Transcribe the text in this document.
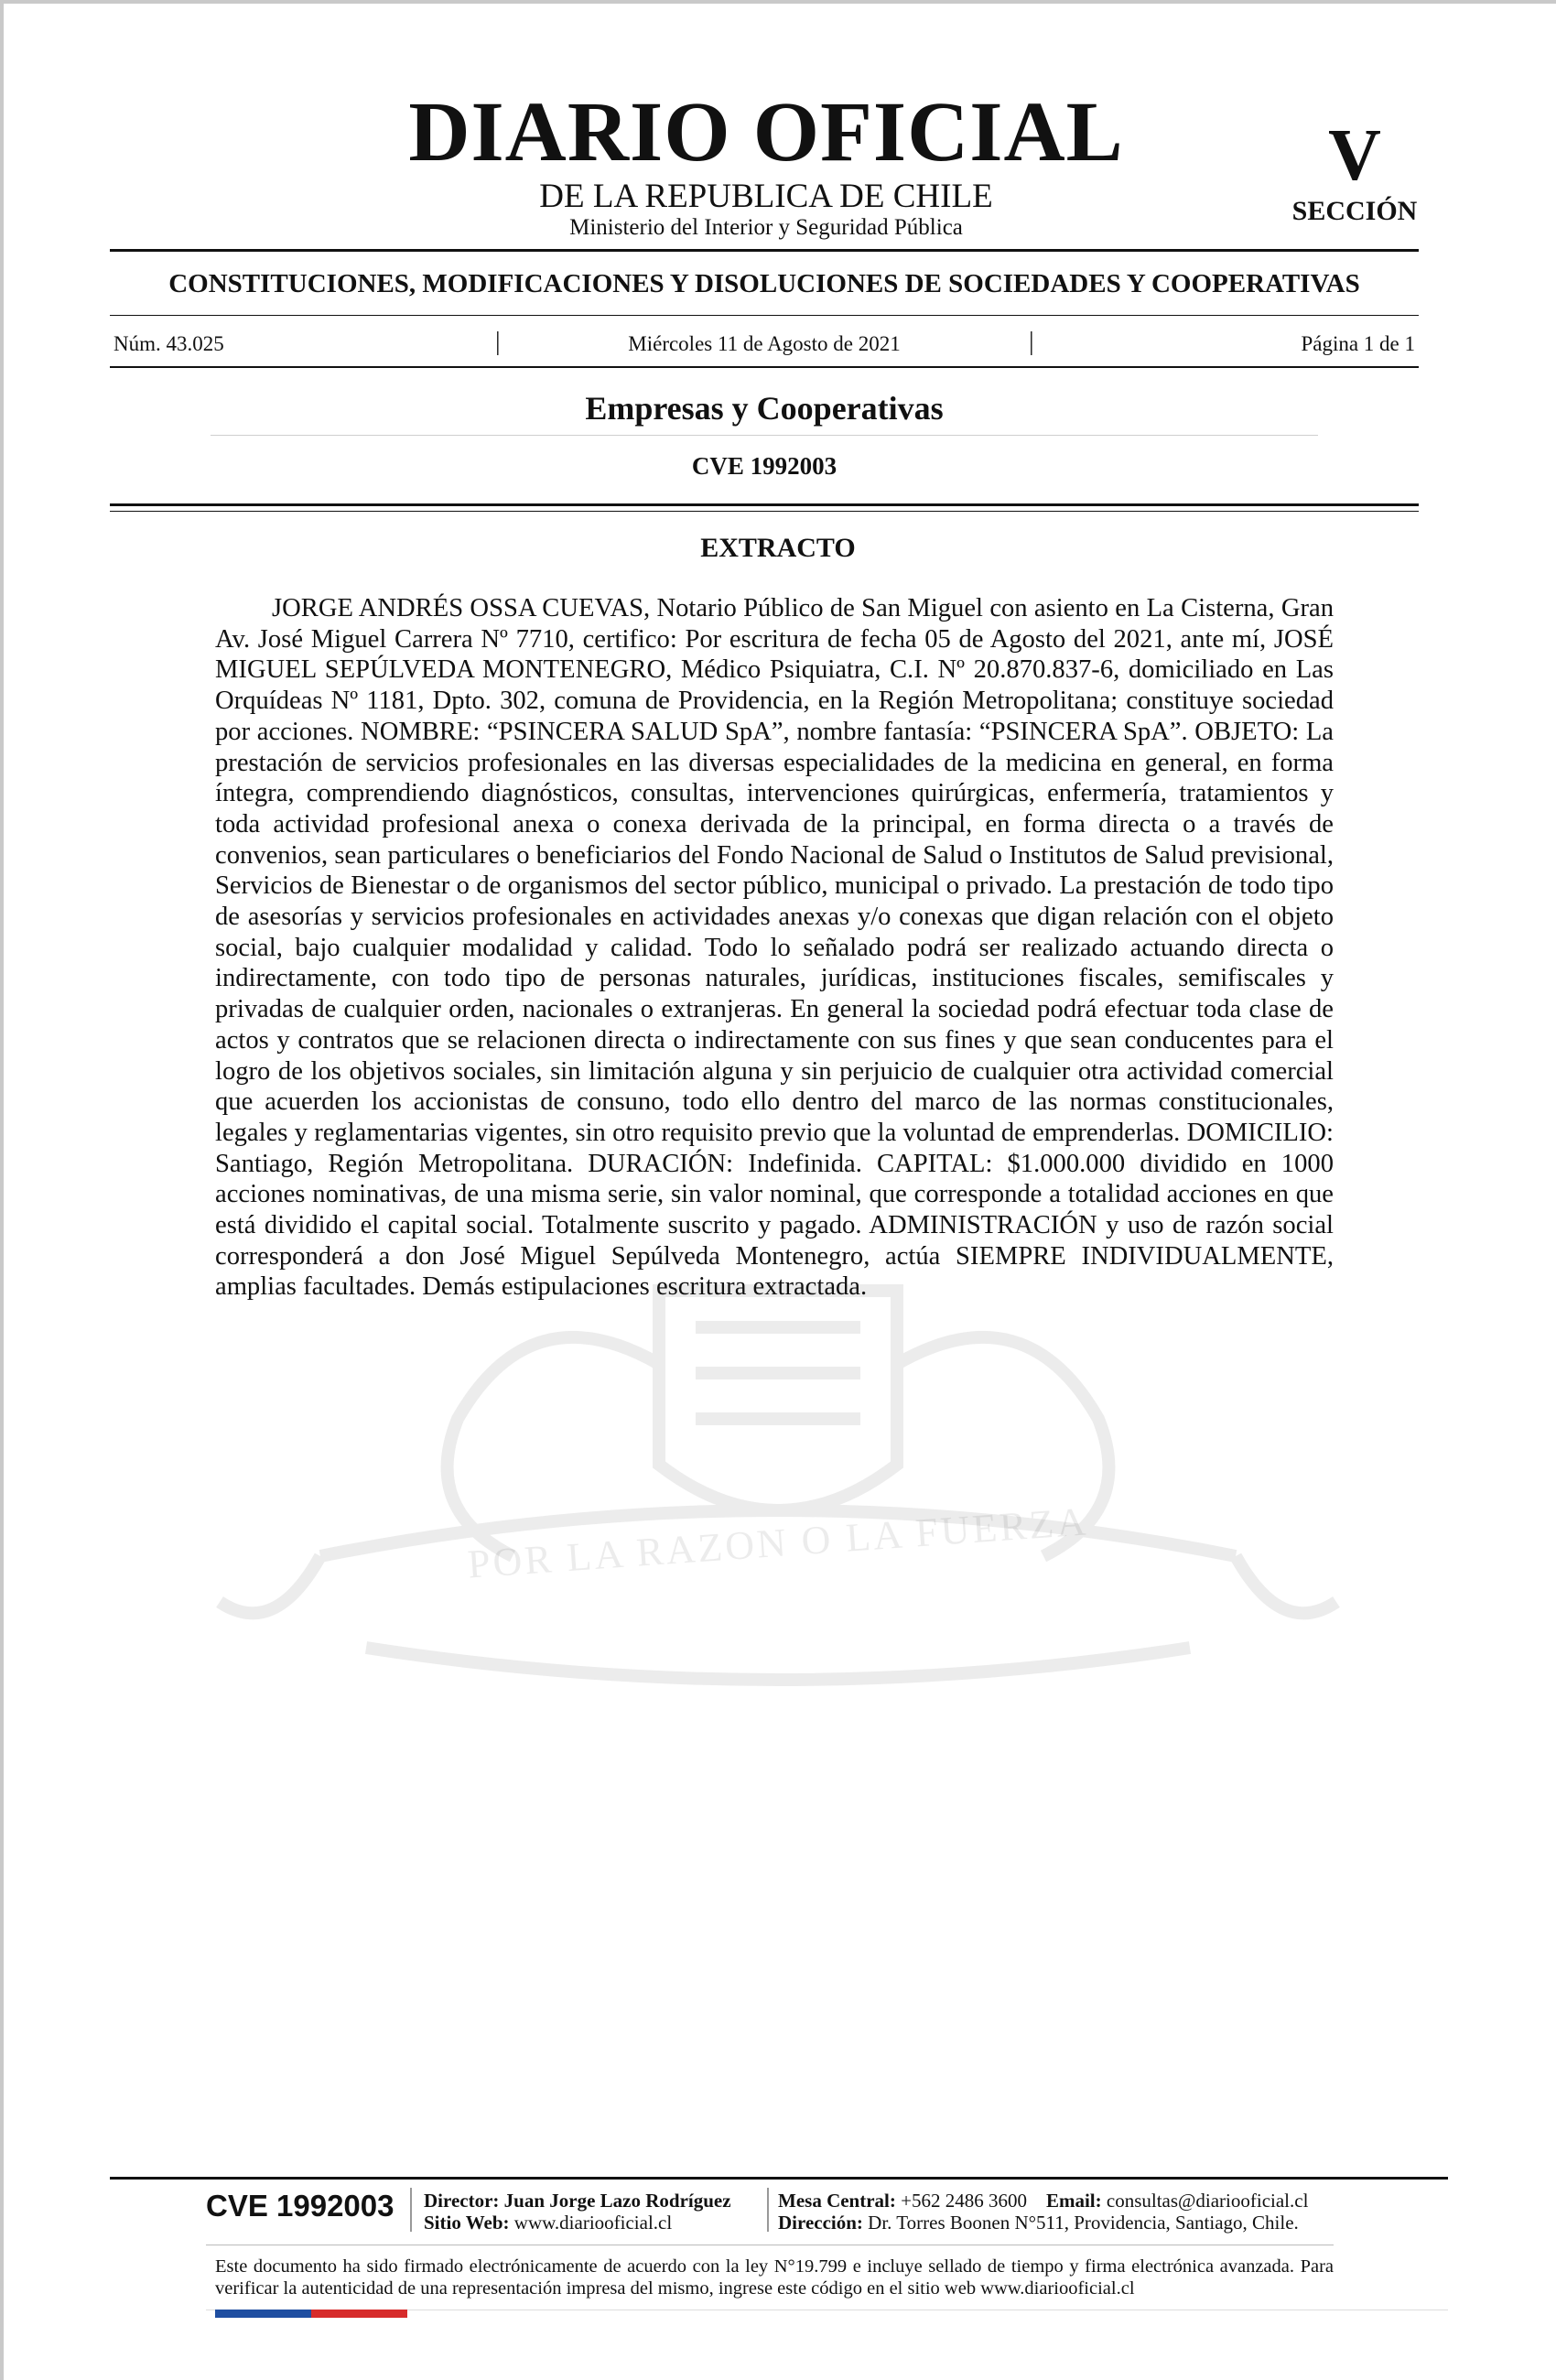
DIARIO OFICIAL
DE LA REPUBLICA DE CHILE
Ministerio del Interior y Seguridad Pública
V
SECCIÓN
CONSTITUCIONES, MODIFICACIONES Y DISOLUCIONES DE SOCIEDADES Y COOPERATIVAS
Núm. 43.025	|	Miércoles 11 de Agosto de 2021	|	Página 1 de 1
Empresas y Cooperativas
CVE 1992003
POR LA RAZON O LA FUERZA
EXTRACTO

JORGE ANDRÉS OSSA CUEVAS, Notario Público de San Miguel con asiento en La Cisterna, Gran Av. José Miguel Carrera Nº 7710, certifico: Por escritura de fecha 05 de Agosto del 2021, ante mí, JOSÉ MIGUEL SEPÚLVEDA MONTENEGRO, Médico Psiquiatra, C.I. Nº 20.870.837-6, domiciliado en Las Orquídeas Nº 1181, Dpto. 302, comuna de Providencia, en la Región Metropolitana; constituye sociedad por acciones. NOMBRE: “PSINCERA SALUD SpA”, nombre fantasía: “PSINCERA SpA”. OBJETO: La prestación de servicios profesionales en las diversas especialidades de la medicina en general, en forma íntegra, comprendiendo diagnósticos, consultas, intervenciones quirúrgicas, enfermería, tratamientos y toda actividad profesional anexa o conexa derivada de la principal, en forma directa o a través de convenios, sean particulares o beneficiarios del Fondo Nacional de Salud o Institutos de Salud previsional, Servicios de Bienestar o de organismos del sector público, municipal o privado. La prestación de todo tipo de asesorías y servicios profesionales en actividades anexas y/o conexas que digan relación con el objeto social, bajo cualquier modalidad y calidad. Todo lo señalado podrá ser realizado actuando directa o indirectamente, con todo tipo de personas naturales, jurídicas, instituciones fiscales, semifiscales y privadas de cualquier orden, nacionales o extranjeras. En general la sociedad podrá efectuar toda clase de actos y contratos que se relacionen directa o indirectamente con sus fines y que sean conducentes para el logro de los objetivos sociales, sin limitación alguna y sin perjuicio de cualquier otra actividad comercial que acuerden los accionistas de consuno, todo ello dentro del marco de las normas constitucionales, legales y reglamentarias vigentes, sin otro requisito previo que la voluntad de emprenderlas. DOMICILIO: Santiago, Región Metropolitana. DURACIÓN: Indefinida. CAPITAL: $1.000.000 dividido en 1000 acciones nominativas, de una misma serie, sin valor nominal, que corresponde a totalidad acciones en que está dividido el capital social. Totalmente suscrito y pagado. ADMINISTRACIÓN y uso de razón social corresponderá a don José Miguel Sepúlveda Montenegro, actúa SIEMPRE INDIVIDUALMENTE, amplias facultades. Demás estipulaciones escritura extractada.

CVE 1992003	Director: Juan Jorge Lazo Rodríguez
Sitio Web: www.diariooficial.cl
Mesa Central: +562 2486 3600 Email: consultas@diariooficial.cl
Dirección: Dr. Torres Boonen N°511, Providencia, Santiago, Chile.

Este documento ha sido firmado electrónicamente de acuerdo con la ley N°19.799 e incluye sellado de tiempo y firma electrónica avanzada. Para verificar la autenticidad de una representación impresa del mismo, ingrese este código en el sitio web www.diariooficial.cl
